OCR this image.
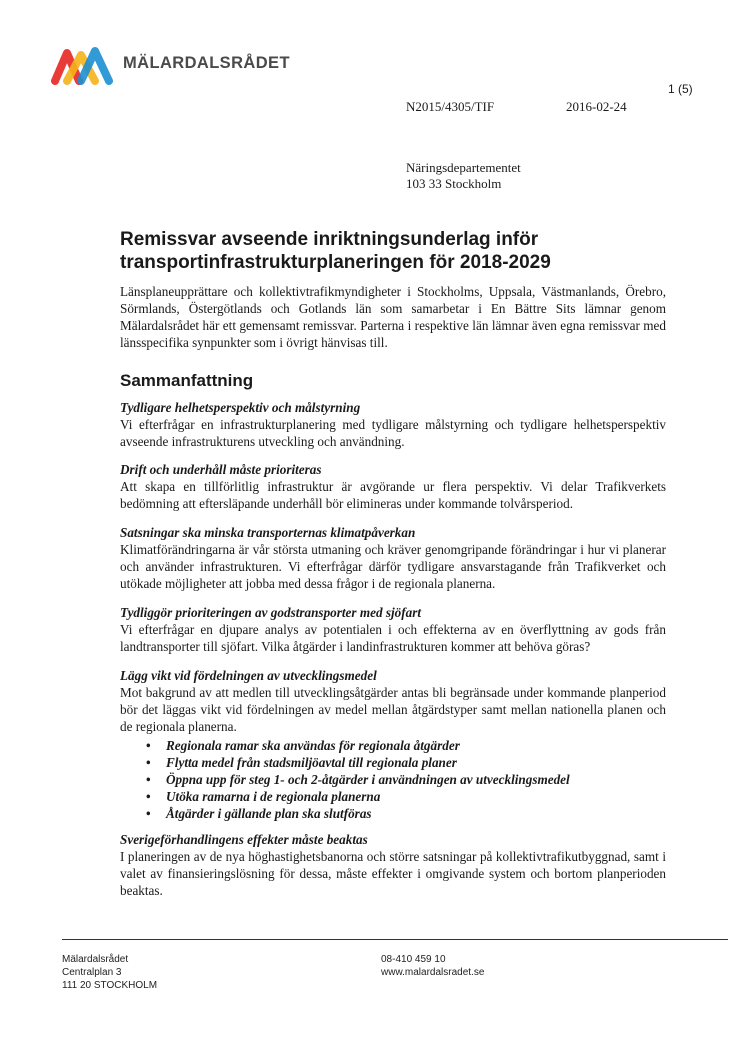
MÄLARDALSRÅDET
1 (5)
N2015/4305/TIF	2016-02-24
Näringsdepartementet
103 33 Stockholm
Remissvar avseende inriktningsunderlag inför transportinfrastrukturplaneringen för 2018-2029

Länsplaneupprättare och kollektivtrafikmyndigheter i Stockholms, Uppsala, Västmanlands, Örebro, Sörmlands, Östergötlands och Gotlands län som samarbetar i En Bättre Sits lämnar genom Mälardalsrådet här ett gemensamt remissvar. Parterna i respektive län lämnar även egna remissvar med länsspecifika synpunkter som i övrigt hänvisas till.

Sammanfattning

Tydligare helhetsperspektiv och målstyrning

Vi efterfrågar en infrastrukturplanering med tydligare målstyrning och tydligare helhetsperspektiv avseende infrastrukturens utveckling och användning.

Drift och underhåll måste prioriteras

Att skapa en tillförlitlig infrastruktur är avgörande ur flera perspektiv. Vi delar Trafikverkets bedömning att eftersläpande underhåll bör elimineras under kommande tolvårsperiod.

Satsningar ska minska transporternas klimatpåverkan

Klimatförändringarna är vår största utmaning och kräver genomgripande förändringar i hur vi planerar och använder infrastrukturen. Vi efterfrågar därför tydligare ansvarstagande från Trafikverket och utökade möjligheter att jobba med dessa frågor i de regionala planerna.

Tydliggör prioriteringen av godstransporter med sjöfart

Vi efterfrågar en djupare analys av potentialen i och effekterna av en överflyttning av gods från landtransporter till sjöfart. Vilka åtgärder i landinfrastrukturen kommer att behöva göras?

Lägg vikt vid fördelningen av utvecklingsmedel

Mot bakgrund av att medlen till utvecklingsåtgärder antas bli begränsade under kommande planperiod bör det läggas vikt vid fördelningen av medel mellan åtgärdstyper samt mellan nationella planen och de regionala planerna.

• Regionala ramar ska användas för regionala åtgärder
• Flytta medel från stadsmiljöavtal till regionala planer
• Öppna upp för steg 1- och 2-åtgärder i användningen av utvecklingsmedel
• Utöka ramarna i de regionala planerna
• Åtgärder i gällande plan ska slutföras

Sverigeförhandlingens effekter måste beaktas

I planeringen av de nya höghastighetsbanorna och större satsningar på kollektivtrafikutbyggnad, samt i valet av finansieringslösning för dessa, måste effekter i omgivande system och bortom planperioden beaktas.

Mälardalsrådet
Centralplan 3
111 20 STOCKHOLM
08-410 459 10
www.malardalsradet.se
